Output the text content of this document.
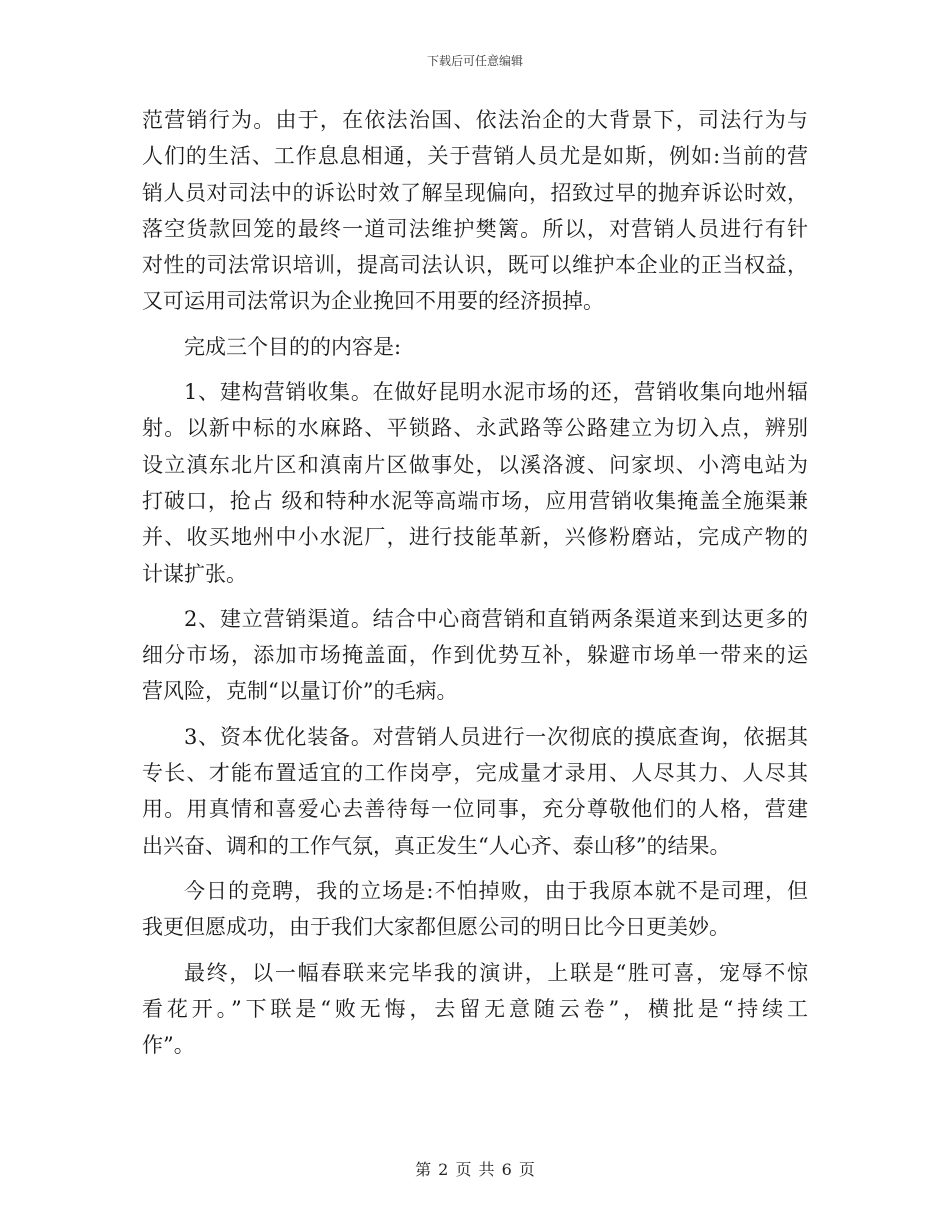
下载后可任意编辑
范营销行为。由于，在依法治国、依法治企的大背景下，司法行为与
人们的生活、工作息息相通，关于营销人员尤是如斯，例如:当前的营
销人员对司法中的诉讼时效了解呈现偏向，招致过早的抛弃诉讼时效，
落空货款回笼的最终一道司法维护樊篱。所以，对营销人员进行有针
对性的司法常识培训，提高司法认识，既可以维护本企业的正当权益，
又可运用司法常识为企业挽回不用要的经济损掉。
完成三个目的的内容是:
1、建构营销收集。在做好昆明水泥市场的还，营销收集向地州辐
射。以新中标的水麻路、平锁路、永武路等公路建立为切入点，辨别
设立滇东北片区和滇南片区做事处，以溪洛渡、问家坝、小湾电站为
打破口，抢占 级和特种水泥等高端市场，应用营销收集掩盖全施渠兼
并、收买地州中小水泥厂，进行技能革新，兴修粉磨站，完成产物的
计谋扩张。
2、建立营销渠道。结合中心商营销和直销两条渠道来到达更多的
细分市场，添加市场掩盖面，作到优势互补，躲避市场单一带来的运
营风险，克制“以量订价”的毛病。
3、资本优化装备。对营销人员进行一次彻底的摸底查询，依据其
专长、才能布置适宜的工作岗亭，完成量才录用、人尽其力、人尽其
用。用真情和喜爱心去善待每一位同事，充分尊敬他们的人格，营建
出兴奋、调和的工作气氛，真正发生“人心齐、泰山移”的结果。
今日的竞聘，我的立场是:不怕掉败，由于我原本就不是司理，但
我更但愿成功，由于我们大家都但愿公司的明日比今日更美妙。
最终，以一幅春联来完毕我的演讲，上联是“胜可喜，宠辱不惊
看花开。”下联是“败无悔，去留无意随云卷”，横批是“持续工
作”。
第 2 页 共 6 页
